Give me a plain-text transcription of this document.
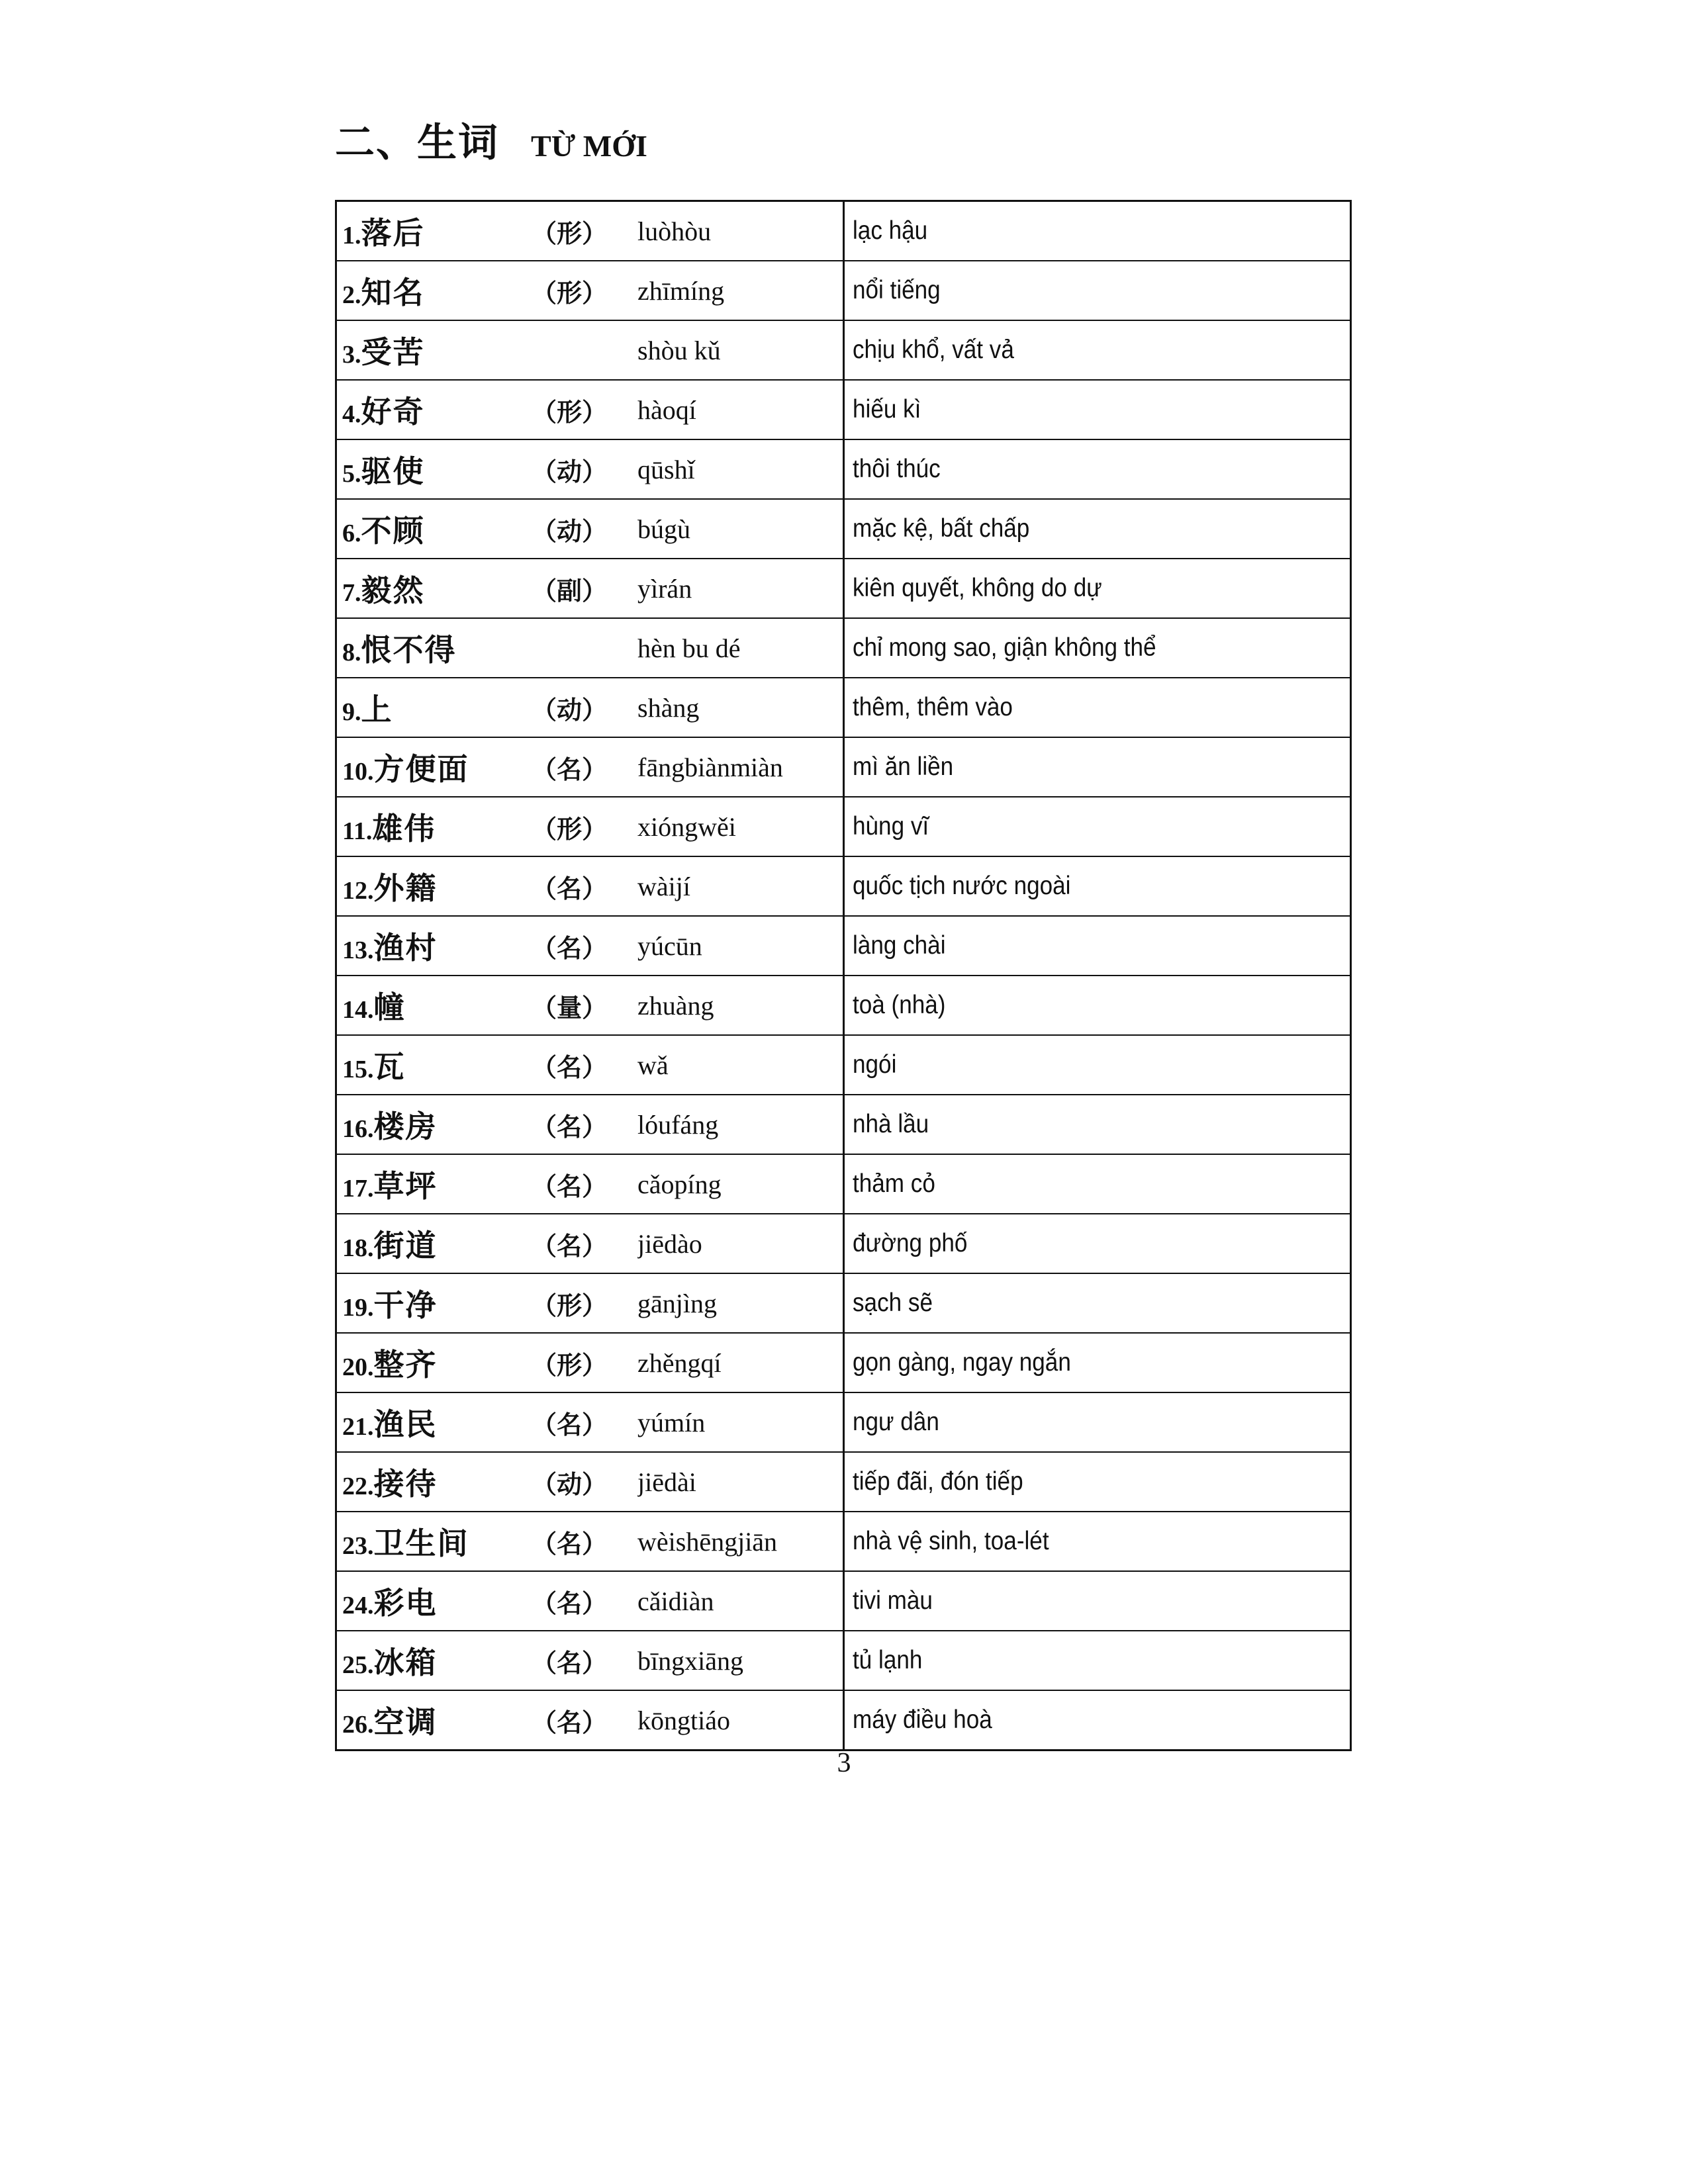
二、生词 TỪ MỚI
1.落后	（形）	luòhòu	lạc hậu
2.知名	（形）	zhīmíng	nổi tiếng
3.受苦		shòu kǔ	chịu khổ, vất vả
4.好奇	（形）	hàoqí	hiếu kì
5.驱使	（动）	qūshǐ	thôi thúc
6.不顾	（动）	búgù	mặc kệ, bất chấp
7.毅然	（副）	yìrán	kiên quyết, không do dự
8.恨不得		hèn bu dé	chỉ mong sao, giận không thể
9.上	（动）	shàng	thêm, thêm vào
10.方便面	（名）	fāngbiànmiàn	mì ăn liền
11.雄伟	（形）	xióngwěi	hùng vĩ
12.外籍	（名）	wàijí	quốc tịch nước ngoài
13.渔村	（名）	yúcūn	làng chài
14.幢	（量）	zhuàng	toà (nhà)
15.瓦	（名）	wǎ	ngói
16.楼房	（名）	lóufáng	nhà lầu
17.草坪	（名）	cǎopíng	thảm cỏ
18.街道	（名）	jiēdào	đường phố
19.干净	（形）	gānjìng	sạch sẽ
20.整齐	（形）	zhěngqí	gọn gàng, ngay ngắn
21.渔民	（名）	yúmín	ngư dân
22.接待	（动）	jiēdài	tiếp đãi, đón tiếp
23.卫生间	（名）	wèishēngjiān	nhà vệ sinh, toa-lét
24.彩电	（名）	cǎidiàn	tivi màu
25.冰箱	（名）	bīngxiāng	tủ lạnh
26.空调	（名）	kōngtiáo	máy điều hoà
3
